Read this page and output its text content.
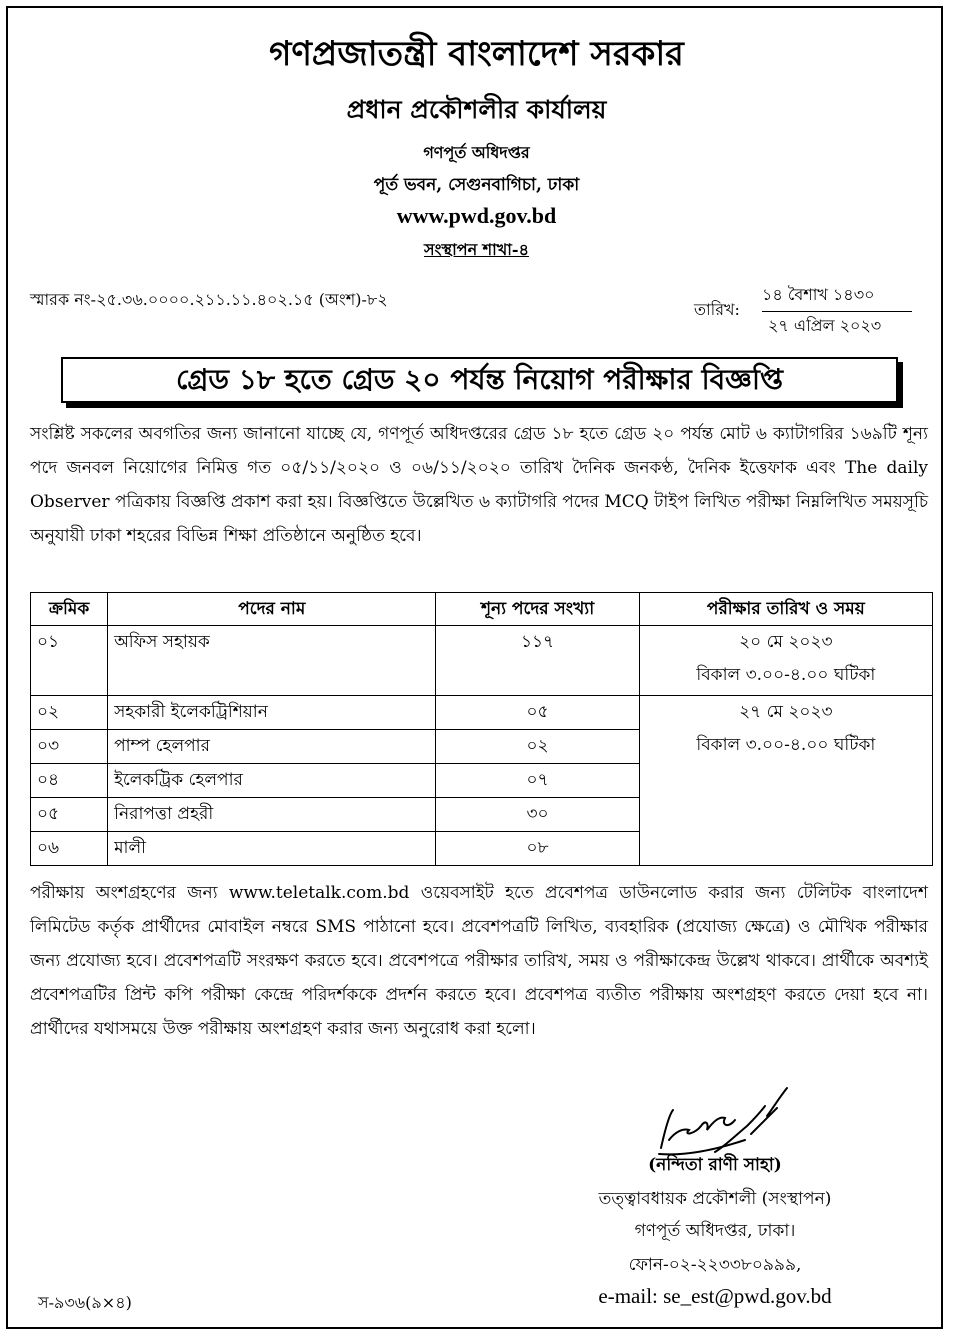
গণপ্রজাতন্ত্রী বাংলাদেশ সরকার
প্রধান প্রকৌশলীর কার্যালয়
গণপূর্ত অধিদপ্তর
পূর্ত ভবন, সেগুনবাগিচা, ঢাকা
www.pwd.gov.bd
সংস্থাপন শাখা-৪
স্মারক নং-২৫.৩৬.০০০০.২১১.১১.৪০২.১৫ (অংশ)-৮২
তারিখ:
১৪ বৈশাখ ১৪৩০
২৭ এপ্রিল ২০২৩
গ্রেড ১৮ হতে গ্রেড ২০ পর্যন্ত নিয়োগ পরীক্ষার বিজ্ঞপ্তি
সংশ্লিষ্ট সকলের অবগতির জন্য জানানো যাচ্ছে যে, গণপূর্ত অধিদপ্তরের গ্রেড ১৮ হতে গ্রেড ২০ পর্যন্ত মোট ৬ ক্যাটাগরির ১৬৯টি শূন্য পদে জনবল নিয়োগের নিমিত্ত গত ০৫/১১/২০২০ ও ০৬/১১/২০২০ তারিখ দৈনিক জনকণ্ঠ, দৈনিক ইত্তেফাক এবং The daily Observer পত্রিকায় বিজ্ঞপ্তি প্রকাশ করা হয়। বিজ্ঞপ্তিতে উল্লেখিত ৬ ক্যাটাগরি পদের MCQ টাইপ লিখিত পরীক্ষা নিম্নলিখিত সময়সূচি অনুযায়ী ঢাকা শহরের বিভিন্ন শিক্ষা প্রতিষ্ঠানে অনুষ্ঠিত হবে।
ক্রমিক	পদের নাম	শূন্য পদের সংখ্যা	পরীক্ষার তারিখ ও সময়
০১	অফিস সহায়ক	১১৭	২০ মে ২০২৩
বিকাল ৩.০০-৪.০০ ঘটিকা

০২	সহকারী ইলেকট্রিশিয়ান	০৫	২৭ মে ২০২৩
বিকাল ৩.০০-৪.০০ ঘটিকা

০৩	পাম্প হেলপার	০২	
০৪	ইলেকট্রিক হেলপার	০৭	
০৫	নিরাপত্তা প্রহরী	৩০	
০৬	মালী	০৮	
পরীক্ষায় অংশগ্রহণের জন্য www.teletalk.com.bd ওয়েবসাইট হতে প্রবেশপত্র ডাউনলোড করার জন্য টেলিটক বাংলাদেশ লিমিটেড কর্তৃক প্রার্থীদের মোবাইল নম্বরে SMS পাঠানো হবে। প্রবেশপত্রটি লিখিত, ব্যবহারিক (প্রযোজ্য ক্ষেত্রে) ও মৌখিক পরীক্ষার জন্য প্রযোজ্য হবে। প্রবেশপত্রটি সংরক্ষণ করতে হবে। প্রবেশপত্রে পরীক্ষার তারিখ, সময় ও পরীক্ষাকেন্দ্র উল্লেখ থাকবে। প্রার্থীকে অবশ্যই প্রবেশপত্রটির প্রিন্ট কপি পরীক্ষা কেন্দ্রে পরিদর্শককে প্রদর্শন করতে হবে। প্রবেশপত্র ব্যতীত পরীক্ষায় অংশগ্রহণ করতে দেয়া হবে না। প্রার্থীদের যথাসময়ে উক্ত পরীক্ষায় অংশগ্রহণ করার জন্য অনুরোধ করা হলো।
(নন্দিতা রাণী সাহা)
তত্ত্বাবধায়ক প্রকৌশলী (সংস্থাপন)
গণপূর্ত অধিদপ্তর, ঢাকা।
ফোন-০২-২২৩৩৮০৯৯৯,
e-mail: se_est@pwd.gov.bd
স-৯৩৬(৯×৪)
